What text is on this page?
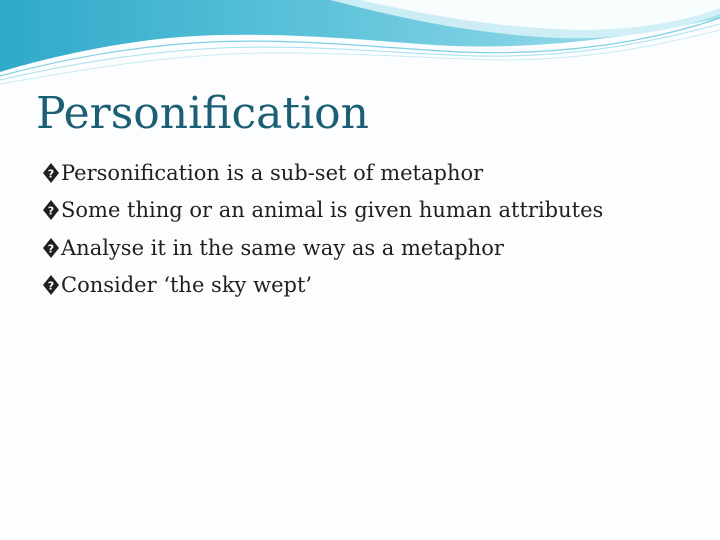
Personification
? Personification is a sub-set of metaphor
? Some thing or an animal is given human attributes
? Analyse it in the same way as a metaphor
? Consider ‘the sky wept’
